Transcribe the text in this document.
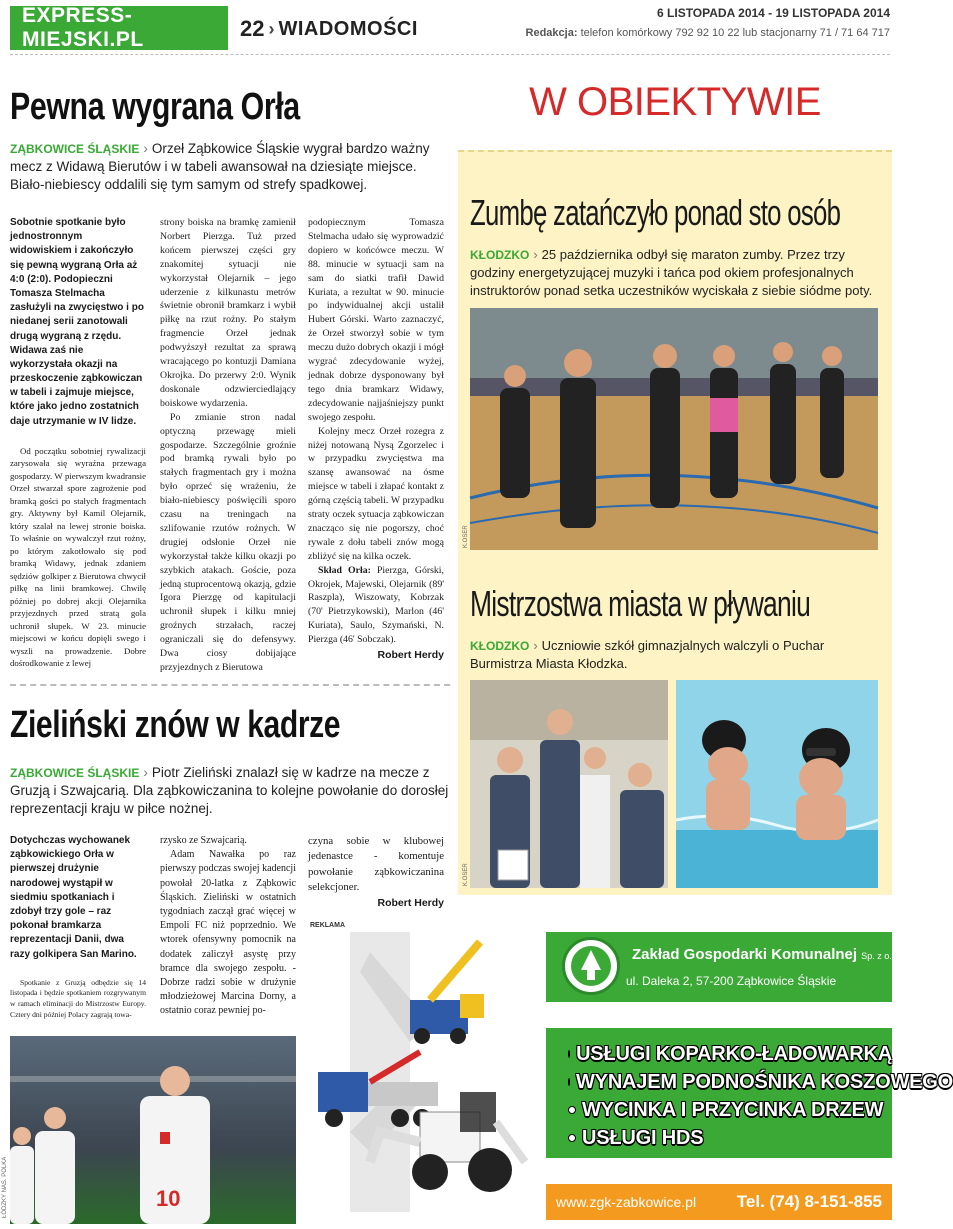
EXPRESS-MIEJSKI.PL	22 › WIADOMOŚCI
6 LISTOPADA 2014 - 19 LISTOPADA 2014
Redakcja: telefon komórkowy 792 92 10 22 lub stacjonarny 71 / 71 64 717
Pewna wygrana Orła
ZĄBKOWICE ŚLĄSKIE › Orzeł Ząbkowice Śląskie wygrał bardzo ważny mecz z Widawą Bierutów i w tabeli awansował na dziesiąte miejsce. Biało-niebiescy oddalili się tym samym od strefy spadkowej.

Sobotnie spotkanie było jednostronnym widowiskiem i zakończyło się pewną wygraną Orła aż 4:0 (2:0). Podopieczni Tomasza Stelmacha zasłużyli na zwycięstwo i po niedanej serii zanotowali drugą wygraną z rzędu. Widawa zaś nie wykorzystała okazji na przeskoczenie ząbkowiczan w tabeli i zajmuje miejsce, które jako jedno zostatnich daje utrzymanie w IV lidze.

Od początku sobotniej rywalizacji zarysowała się wyraźna przewaga gospodarzy. W pierwszym kwadransie Orzeł stwarzał spore zagrożenie pod bramką gości po stałych fragmentach gry. Aktywny był Kamil Olejarnik, który szalał na lewej stronie boiska. To właśnie on wywalczył rzut rożny, po którym zakotłowało się pod bramką Widawy, jednak zdaniem sędziów golkiper z Bierutowa chwycił piłkę na linii bramkowej. Chwilę później po dobrej akcji Olejarnika przyjezdnych przed stratą gola uchronił słupek. W 23. minucie miejscowi w końcu dopięli swego i wyszli na prowadzenie. Dobre dośrodkowanie z lewej

strony boiska na bramkę zamienił Norbert Pierzga. Tuż przed końcem pierwszej części gry znakomitej sytuacji nie wykorzystał Olejarnik – jego uderzenie z kilkunastu metrów świetnie obronił bramkarz i wybił piłkę na rzut rożny. Po stałym fragmencie Orzeł jednak podwyższył rezultat za sprawą wracającego po kontuzji Damiana Okrojka. Do przerwy 2:0. Wynik doskonale odzwierciedlający boiskowe wydarzenia.

Po zmianie stron nadal optyczną przewagę mieli gospodarze. Szczególnie groźnie pod bramką rywali było po stałych fragmentach gry i można było oprzeć się wrażeniu, że biało-niebiescy poświęcili sporo czasu na treningach na szlifowanie rzutów rożnych. W drugiej odsłonie Orzeł nie wykorzystał także kilku okazji po szybkich atakach. Goście, poza jedną stuprocentową okazją, gdzie Igora Pierzgę od kapitulacji uchronił słupek i kilku mniej groźnych strzałach, raczej ograniczali się do defensywy. Dwa ciosy dobijające przyjezdnych z Bierutowa

podopiecznym Tomasza Stelmacha udało się wyprowadzić dopiero w końcówce meczu. W 88. minucie w sytuacji sam na sam do siatki trafił Dawid Kuriata, a rezultat w 90. minucie po indywidualnej akcji ustalił Hubert Górski. Warto zaznaczyć, że Orzeł stworzył sobie w tym meczu dużo dobrych okazji i mógł wygrać zdecydowanie wyżej, jednak dobrze dysponowany był tego dnia bramkarz Widawy, zdecydowanie najjaśniejszy punkt swojego zespołu.

Kolejny mecz Orzeł rozegra z niżej notowaną Nysą Zgorzelec i w przypadku zwycięstwa ma szansę awansować na ósme miejsce w tabeli i złapać kontakt z górną częścią tabeli. W przypadku straty oczek sytuacja ząbkowiczan znacząco się nie pogorszy, choć rywale z dołu tabeli znów mogą zbliżyć się na kilka oczek.

Skład Orła: Pierzga, Górski, Okrojek, Majewski, Olejarnik (89' Raszpla), Wiszowaty, Kobrzak (70' Pietrzykowski), Marlon (46' Kuriata), Saulo, Szymański, N. Pierzga (46' Sobczak).

Robert Herdy
Zieliński znów w kadrze
ZĄBKOWICE ŚLĄSKIE › Piotr Zieliński znalazł się w kadrze na mecze z Gruzją i Szwajcarią. Dla ząbkowiczanina to kolejne powołanie do dorosłej reprezentacji kraju w piłce nożnej.

Dotychczas wychowanek ząbkowickiego Orła w pierwszej drużynie narodowej wystąpił w siedmiu spotkaniach i zdobył trzy gole – raz pokonał bramkarza reprezentacji Danii, dwa razy golkipera San Marino.

Spotkanie z Gruzją odbędzie się 14 listopada i będzie spotkaniem rozgrywanym w ramach eliminacji do Mistrzostw Europy. Cztery dni później Polacy zagrają towa-

rzysko ze Szwajcarią.

Adam Nawałka po raz pierwszy podczas swojej kadencji powołał 20-latka z Ząbkowic Śląskich. Zieliński w ostatnich tygodniach zaczął grać więcej w Empoli FC niż poprzednio. We wtorek ofensywny pomocnik na dodatek zaliczył asystę przy bramce dla swojego zespołu. - Dobrze radzi sobie w drużynie młodzieżowej Marcina Dorny, a ostatnio coraz pewniej po-

czyna sobie w klubowej jedenastce - komentuje powołanie ząbkowiczanina selekcjoner.

Robert Herdy
10
ŁÓDZKY NAS. POLKA
W OBIEKTYWIE
Zumbę zatańczyło ponad sto osób
KŁODZKO › 25 października odbył się maraton zumby. Przez trzy godziny energetyzującej muzyki i tańca pod okiem profesjonalnych instruktorów ponad setka uczestników wyciskała z siebie siódme poty.
K.OSER
Mistrzostwa miasta w pływaniu
KŁODZKO › Uczniowie szkół gimnazjalnych walczyli o Puchar Burmistrza Miasta Kłodzka.
K.OSER
REKLAMA
Zakład Gospodarki Komunalnej Sp. z o.o
ul. Daleka 2, 57-200 Ząbkowice Śląskie
USŁUGI KOPARKO-ŁADOWARKĄ
WYNAJEM PODNOŚNIKA KOSZOWEGO
WYCINKA I PRZYCINKA DRZEW
USŁUGI HDS
www.zgk-zabkowice.pl Tel. (74) 8-151-855
